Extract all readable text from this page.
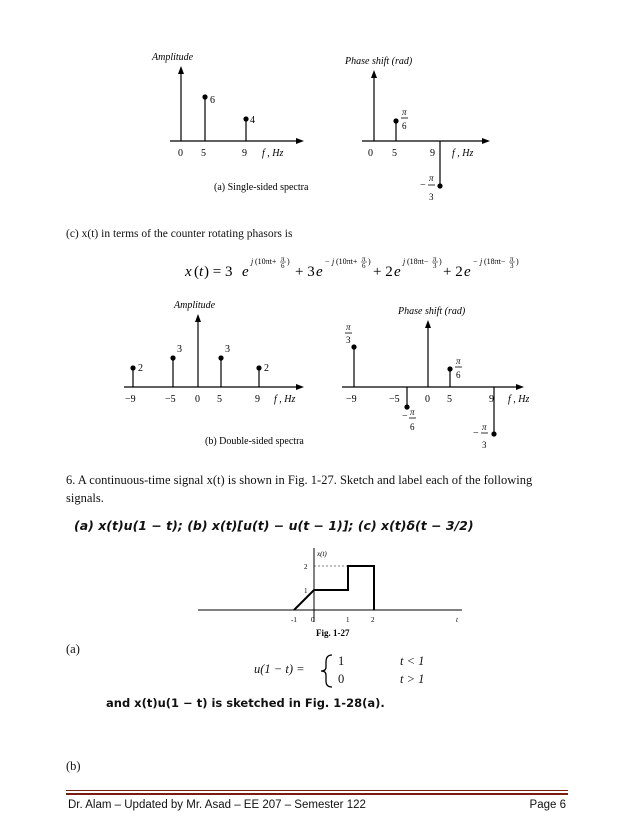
Amplitude
6
4
0 5	9 f , Hz
Phase shift (rad)
π
6
−
π
3
0 5	9 f , Hz
(a) Single-sided spectra
(c) x(t) in terms of the counter rotating phasors is
x ( t ) = 3 e
j (10πt+ π
6 )
+ 3 e
− j (10πt+ π
6 )
+ 2 e
j (18πt− π
3 )
+ 2 e
− j (18πt− π
3 )
Amplitude
2
3	3
2
−9	−5 0 5	9 f , Hz
Phase shift (rad)
π
3
− π
6
π
6
−
π
3
−9	−5	0 5	9 f , Hz
(b) Double-sided spectra
6. A continuous-time signal x(t) is shown in Fig. 1-27. Sketch and label each of the following signals.
(a) x(t)u(1 − t); (b) x(t)[u(t) − u(t − 1)]; (c) x(t)δ(t − 3/2)
x(t)
t
2
1
-1 0	1	2
Fig. 1-27
(a)
u(1 − t) =
1	t < 1
0	t > 1
and x(t)u(1 − t) is sketched in Fig. 1-28(a).
(b)
Dr. Alam – Updated by Mr. Asad – EE 207 – Semester 122	Page 6
